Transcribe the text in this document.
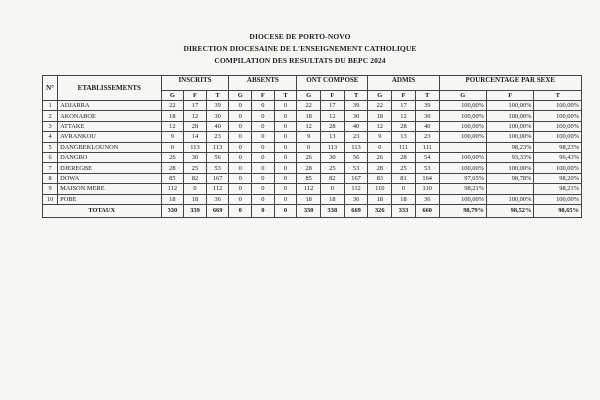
DIOCESE DE PORTO-NOVO
DIRECTION DIOCESAINE DE L'ENSEIGNEMENT CATHOLIQUE
COMPILATION DES RESULTATS DU BEPC 2024
N°	ETABLISSEMENTS	INSCRITS			ABSENTS			ONT COMPOSE			ADMIS			POURCENTAGE PAR SEXE		
		G	F	T	G	F	T	G	F	T	G	F	T	G	F	T
1	ADJARRA	22	17	39	0	0	0	22	17	39	22	17	39	100,00%	100,00%	100,00%
2	AKONABOE	18	12	30	0	0	0	18	12	30	18	12	30	100,00%	100,00%	100,00%
3	ATTAKE	12	28	40	0	0	0	12	28	40	12	28	40	100,00%	100,00%	100,00%
4	AVRANKOU	9	14	23	0	0	0	9	13	23	9	13	23	100,00%	100,00%	100,00%
5	DANGBEKLOUNON	0	113	113	0	0	0	0	113	113	0	111	111		98,23%	98,23%
6	DANGBO	26	30	56	0	0	0	26	30	56	26	28	54	100,00%	93,33%	96,43%
7	DJEREGBE	28	25	53	0	0	0	28	25	53	28	25	53	100,00%	100,00%	100,00%
8	DOWA	85	82	167	0	0	0	85	82	167	83	81	164	97,65%	98,78%	98,20%
9	MAISON MERE	112	0	112	0	0	0	112	0	112	110	0	110	98,21%		98,21%
10	POBE	18	18	36	0	0	0	18	18	36	18	18	36	100,00%	100,00%	100,00%
TOTAUX		330	339	669	0	0	0	330	338	669	326	333	660	98,79%	98,52%	98,65%
